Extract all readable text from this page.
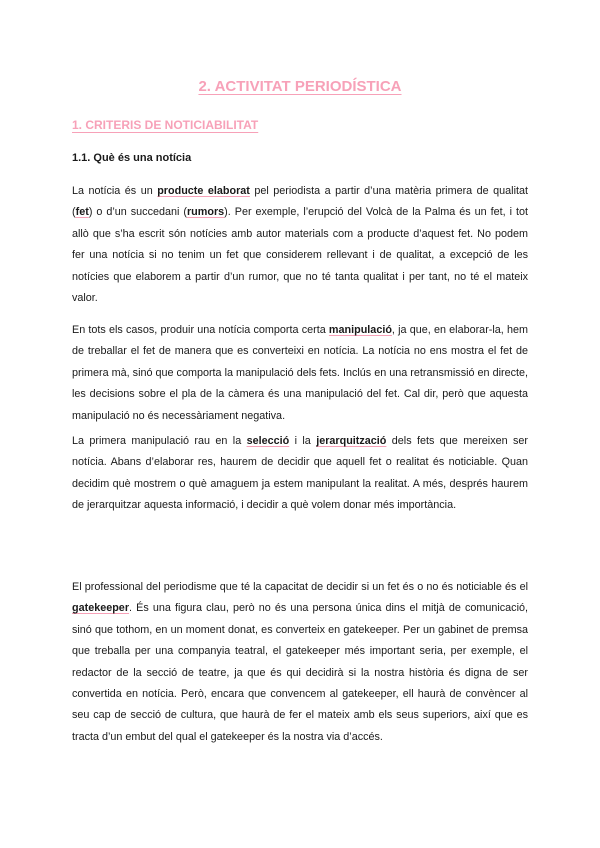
2. ACTIVITAT PERIODÍSTICA
1. CRITERIS DE NOTICIABILITAT
1.1. Què és una notícia

La notícia és un producte elaborat pel periodista a partir d’una matèria primera de qualitat (fet) o d’un succedani (rumors). Per exemple, l’erupció del Volcà de la Palma és un fet, i tot allò que s’ha escrit són notícies amb autor materials com a producte d’aquest fet. No podem fer una notícia si no tenim un fet que considerem rellevant i de qualitat, a excepció de les notícies que elaborem a partir d’un rumor, que no té tanta qualitat i per tant, no té el mateix valor.

En tots els casos, produir una notícia comporta certa manipulació, ja que, en elaborar-la, hem de treballar el fet de manera que es converteixi en notícia. La notícia no ens mostra el fet de primera mà, sinó que comporta la manipulació dels fets. Inclús en una retransmissió en directe, les decisions sobre el pla de la càmera és una manipulació del fet. Cal dir, però que aquesta manipulació no és necessàriament negativa.

La primera manipulació rau en la selecció i la jerarquització dels fets que mereixen ser notícia. Abans d’elaborar res, haurem de decidir que aquell fet o realitat és noticiable. Quan decidim què mostrem o què amaguem ja estem manipulant la realitat. A més, després haurem de jerarquitzar aquesta informació, i decidir a què volem donar més importància.

El professional del periodisme que té la capacitat de decidir si un fet és o no és noticiable és el gatekeeper. És una figura clau, però no és una persona única dins el mitjà de comunicació, sinó que tothom, en un moment donat, es converteix en gatekeeper. Per un gabinet de premsa que treballa per una companyia teatral, el gatekeeper més important seria, per exemple, el redactor de la secció de teatre, ja que és qui decidirà si la nostra història és digna de ser convertida en notícia. Però, encara que convencem al gatekeeper, ell haurà de convèncer al seu cap de secció de cultura, que haurà de fer el mateix amb els seus superiors, així que es tracta d’un embut del qual el gatekeeper és la nostra via d’accés.
